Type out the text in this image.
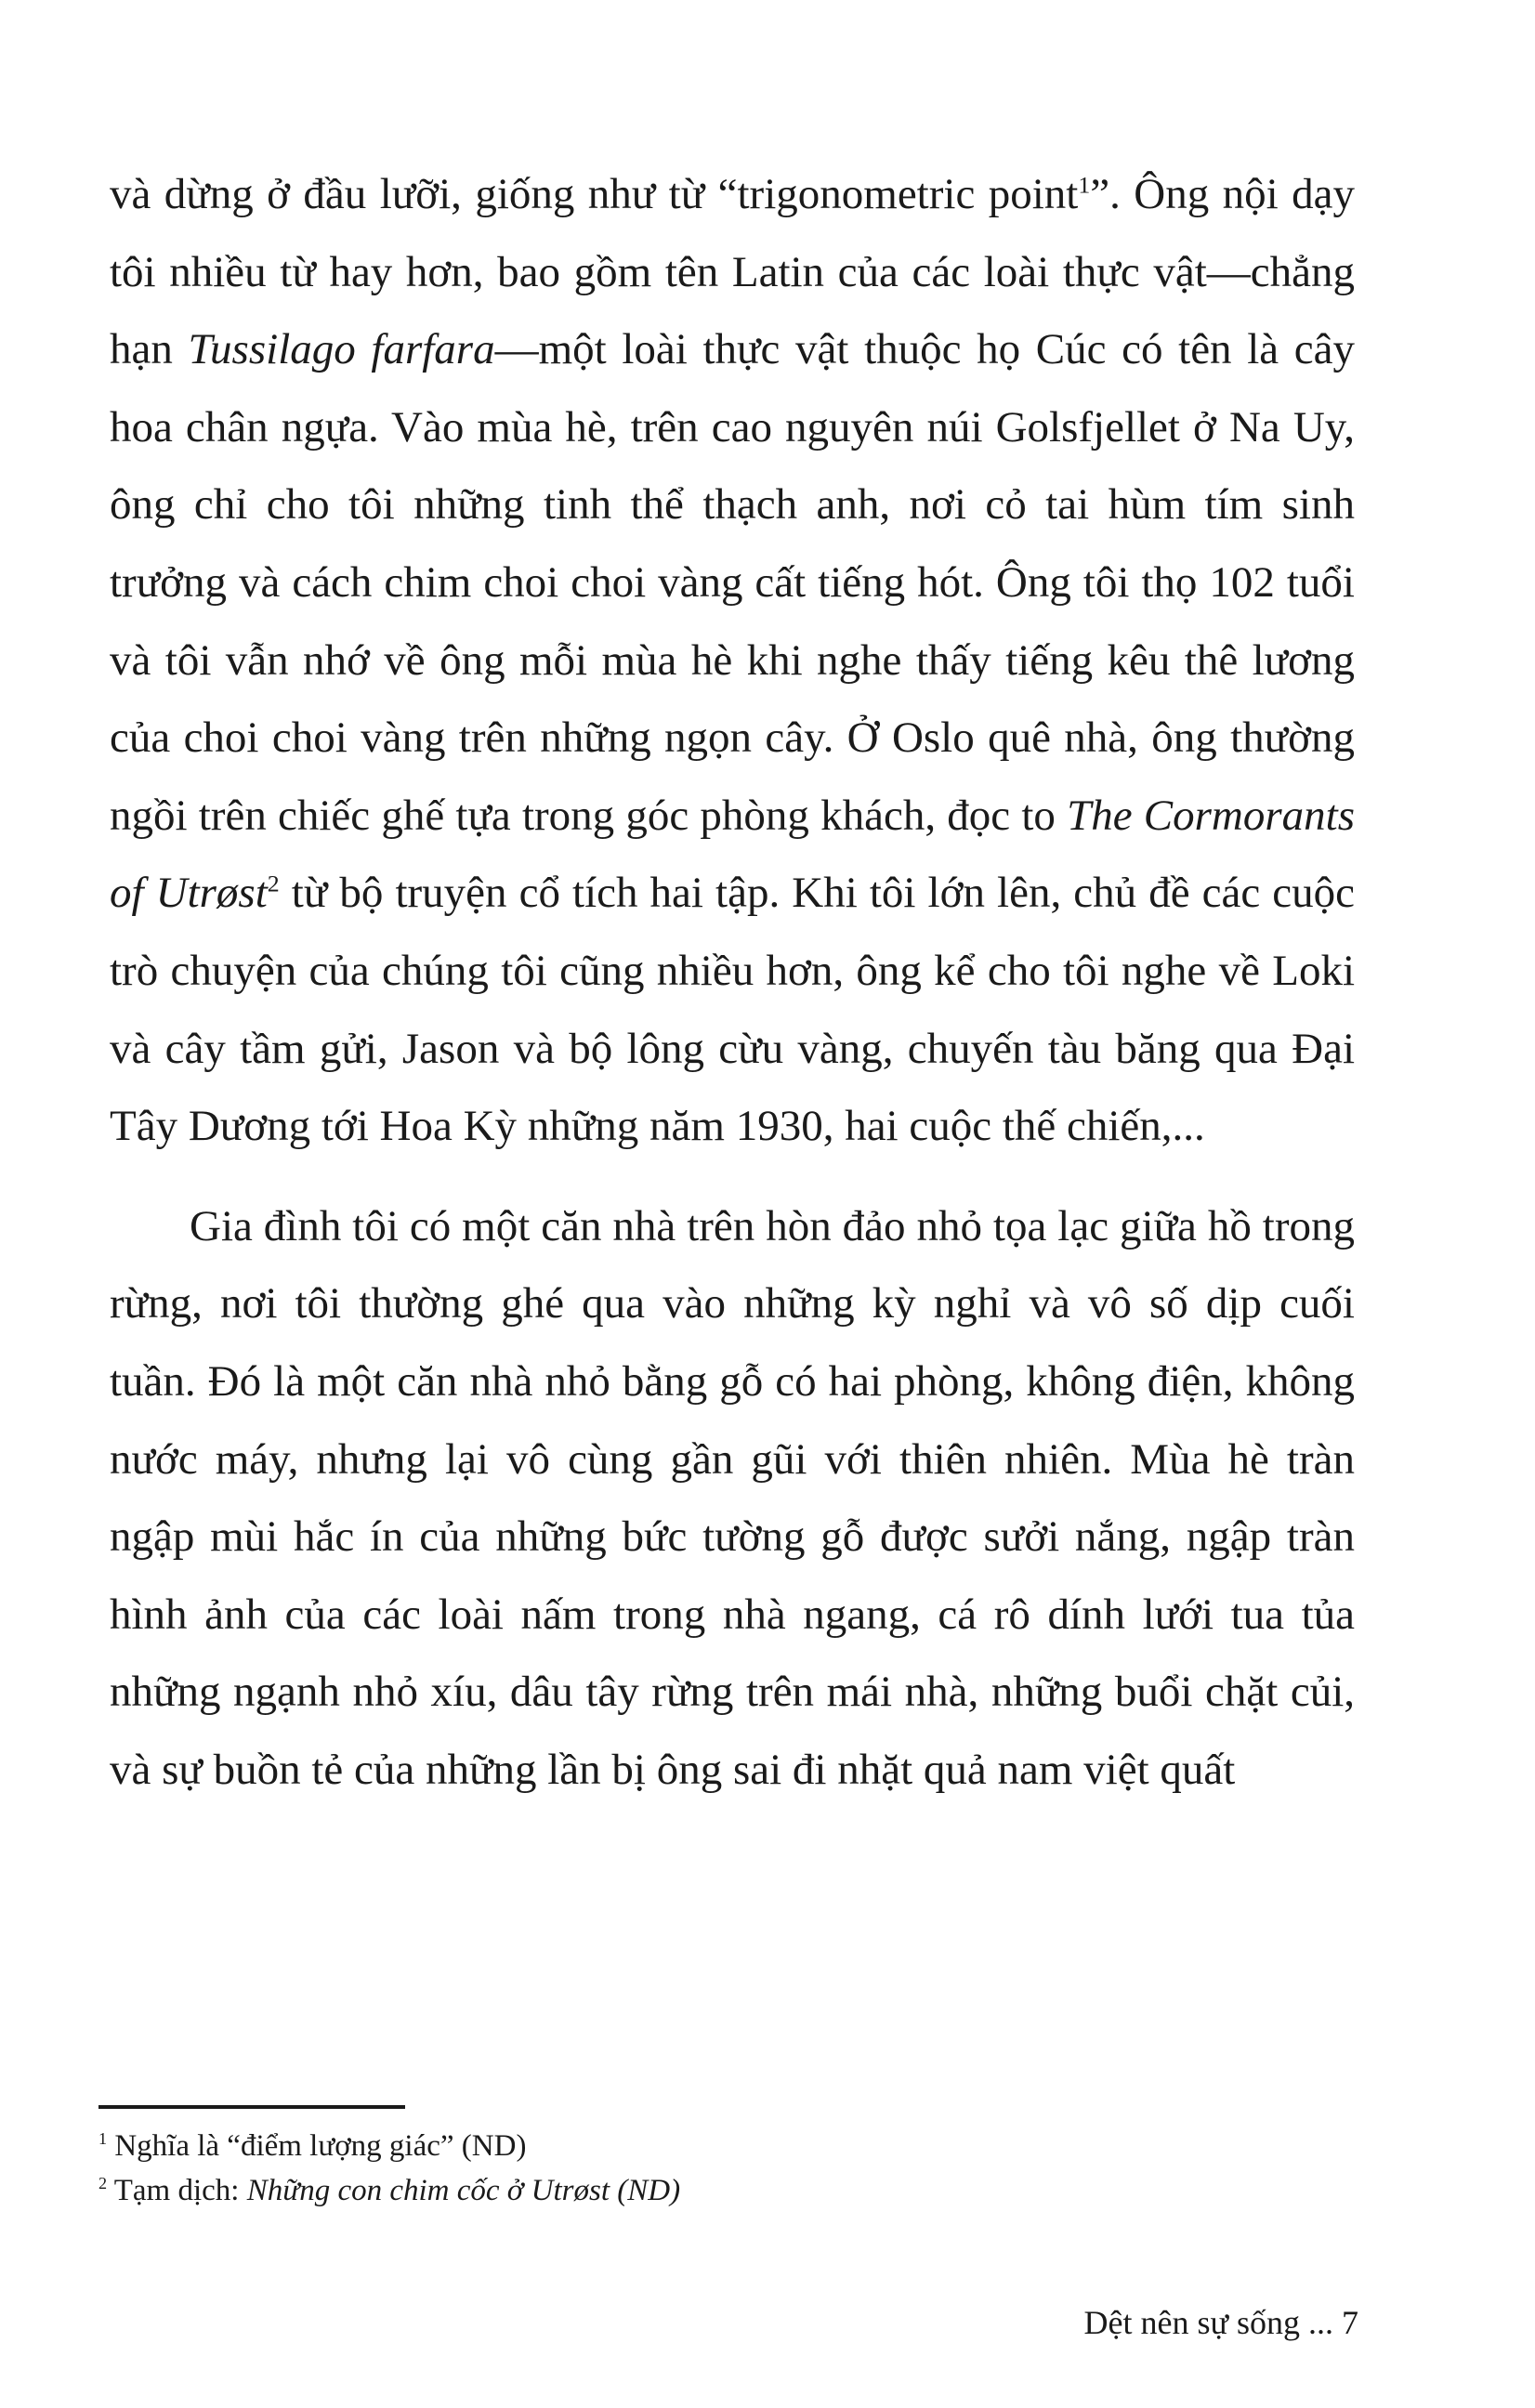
và dừng ở đầu lưỡi, giống như từ “trigonometric point$^1$”. Ông nội dạy tôi nhiều từ hay hơn, bao gồm tên Latin của các loài thực vật—chẳng hạn Tussilago farfara—một loài thực vật thuộc họ Cúc có tên là cây hoa chân ngựa. Vào mùa hè, trên cao nguyên núi Golsfjellet ở Na Uy, ông chỉ cho tôi những tinh thể thạch anh, nơi cỏ tai hùm tím sinh trưởng và cách chim choi choi vàng cất tiếng hót. Ông tôi thọ 102 tuổi và tôi vẫn nhớ về ông mỗi mùa hè khi nghe thấy tiếng kêu thê lương của choi choi vàng trên những ngọn cây. Ở Oslo quê nhà, ông thường ngồi trên chiếc ghế tựa trong góc phòng khách, đọc to The Cormorants of Utrøst$^2$ từ bộ truyện cổ tích hai tập. Khi tôi lớn lên, chủ đề các cuộc trò chuyện của chúng tôi cũng nhiều hơn, ông kể cho tôi nghe về Loki và cây tầm gửi, Jason và bộ lông cừu vàng, chuyến tàu băng qua Đại Tây Dương tới Hoa Kỳ những năm 1930, hai cuộc thế chiến,...

Gia đình tôi có một căn nhà trên hòn đảo nhỏ tọa lạc giữa hồ trong rừng, nơi tôi thường ghé qua vào những kỳ nghỉ và vô số dịp cuối tuần. Đó là một căn nhà nhỏ bằng gỗ có hai phòng, không điện, không nước máy, nhưng lại vô cùng gần gũi với thiên nhiên. Mùa hè tràn ngập mùi hắc ín của những bức tường gỗ được sưởi nắng, ngập tràn hình ảnh của các loài nấm trong nhà ngang, cá rô dính lưới tua tủa những ngạnh nhỏ xíu, dâu tây rừng trên mái nhà, những buổi chặt củi, và sự buồn tẻ của những lần bị ông sai đi nhặt quả nam việt quất

$^1$ Nghĩa là “điểm lượng giác” (ND)

$^2$ Tạm dịch: Những con chim cốc ở Utrøst (ND)

Dệt nên sự sống ... 7
